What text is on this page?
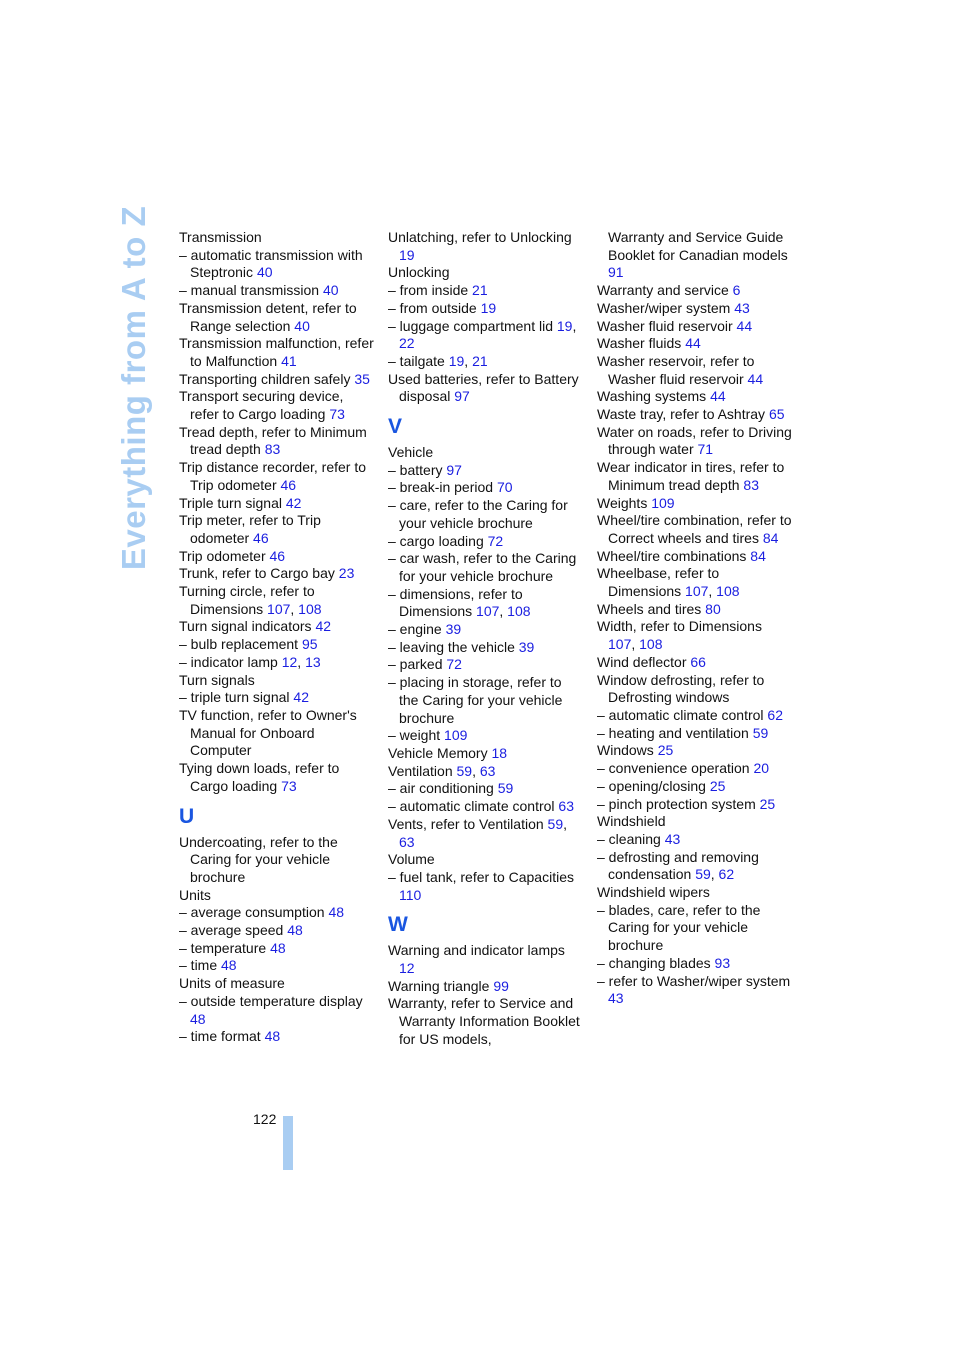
Everything from A to Z Transmission
– automatic transmission with Steptronic 40
– manual transmission 40
Transmission detent, refer to Range selection 40
Transmission malfunction, refer to Malfunction 41
Transporting children safely 35
Transport securing device, refer to Cargo loading 73
Tread depth, refer to Minimum tread depth 83
Trip distance recorder, refer to Trip odometer 46
Triple turn signal 42
Trip meter, refer to Trip odometer 46
Trip odometer 46
Trunk, refer to Cargo bay 23
Turning circle, refer to Dimensions 107, 108
Turn signal indicators 42
– bulb replacement 95
– indicator lamp 12, 13
Turn signals
– triple turn signal 42
TV function, refer to Owner's Manual for Onboard Computer
Tying down loads, refer to Cargo loading 73
U
Undercoating, refer to the Caring for your vehicle brochure
Units
– average consumption 48
– average speed 48
– temperature 48
– time 48
Units of measure
– outside temperature display 48
– time format 48
Unlatching, refer to Unlocking 19
Unlocking
– from inside 21
– from outside 19
– luggage compartment lid 19, 22
– tailgate 19, 21
Used batteries, refer to Battery disposal 97
V
Vehicle
– battery 97
– break-in period 70
– care, refer to the Caring for your vehicle brochure
– cargo loading 72
– car wash, refer to the Caring for your vehicle brochure
– dimensions, refer to Dimensions 107, 108
– engine 39
– leaving the vehicle 39
– parked 72
– placing in storage, refer to the Caring for your vehicle brochure
– weight 109
Vehicle Memory 18
Ventilation 59, 63
– air conditioning 59
– automatic climate control 63
Vents, refer to Ventilation 59, 63
Volume
– fuel tank, refer to Capacities 110
W
Warning and indicator lamps 12
Warning triangle 99
Warranty, refer to Service and Warranty Information Booklet for US models,
Warranty and Service Guide Booklet for Canadian models 91
Warranty and service 6
Washer/wiper system 43
Washer fluid reservoir 44
Washer fluids 44
Washer reservoir, refer to Washer fluid reservoir 44
Washing systems 44
Waste tray, refer to Ashtray 65
Water on roads, refer to Driving through water 71
Wear indicator in tires, refer to Minimum tread depth 83
Weights 109
Wheel/tire combination, refer to Correct wheels and tires 84
Wheel/tire combinations 84
Wheelbase, refer to Dimensions 107, 108
Wheels and tires 80
Width, refer to Dimensions 107, 108
Wind deflector 66
Window defrosting, refer to Defrosting windows
– automatic climate control 62
– heating and ventilation 59
Windows 25
– convenience operation 20
– opening/closing 25
– pinch protection system 25
Windshield
– cleaning 43
– defrosting and removing condensation 59, 62
Windshield wipers
– blades, care, refer to the Caring for your vehicle brochure
– changing blades 93
– refer to Washer/wiper system 43
122
